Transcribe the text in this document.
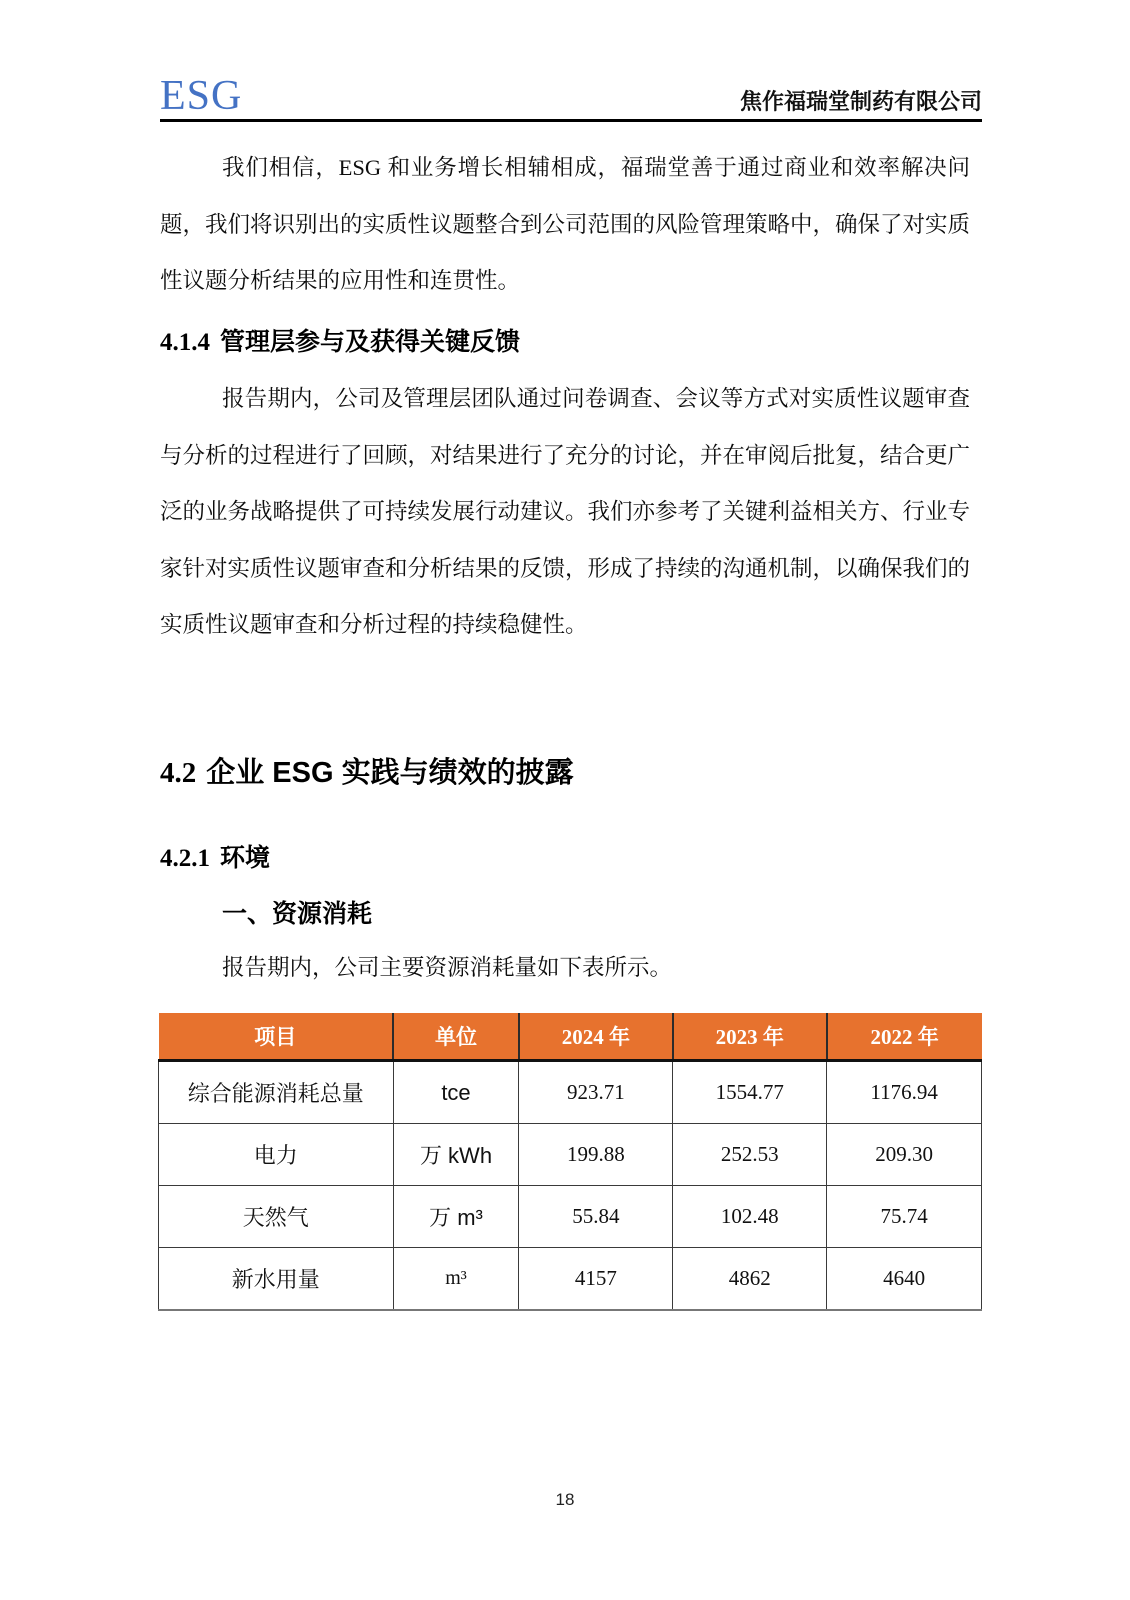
ESG	焦作福瑞堂制药有限公司

我们相信，ESG 和业务增长相辅相成，福瑞堂善于通过商业和效率解决问题，我们将识别出的实质性议题整合到公司范围的风险管理策略中，确保了对实质性议题分析结果的应用性和连贯性。

4.1.4 管理层参与及获得关键反馈

报告期内，公司及管理层团队通过问卷调查、会议等方式对实质性议题审查与分析的过程进行了回顾，对结果进行了充分的讨论，并在审阅后批复，结合更广泛的业务战略提供了可持续发展行动建议。我们亦参考了关键利益相关方、行业专家针对实质性议题审查和分析结果的反馈，形成了持续的沟通机制，以确保我们的实质性议题审查和分析过程的持续稳健性。

4.2 企业 ESG 实践与绩效的披露
4.2.1 环境
一、资源消耗

报告期内，公司主要资源消耗量如下表所示。

项目	单位	2024 年	2023 年	2022 年
综合能源消耗总量	tce	923.71	1554.77	1176.94
电力	万 kWh	199.88	252.53	209.30
天然气	万 m³	55.84	102.48	75.74
新水用量	m³	4157	4862	4640
18
